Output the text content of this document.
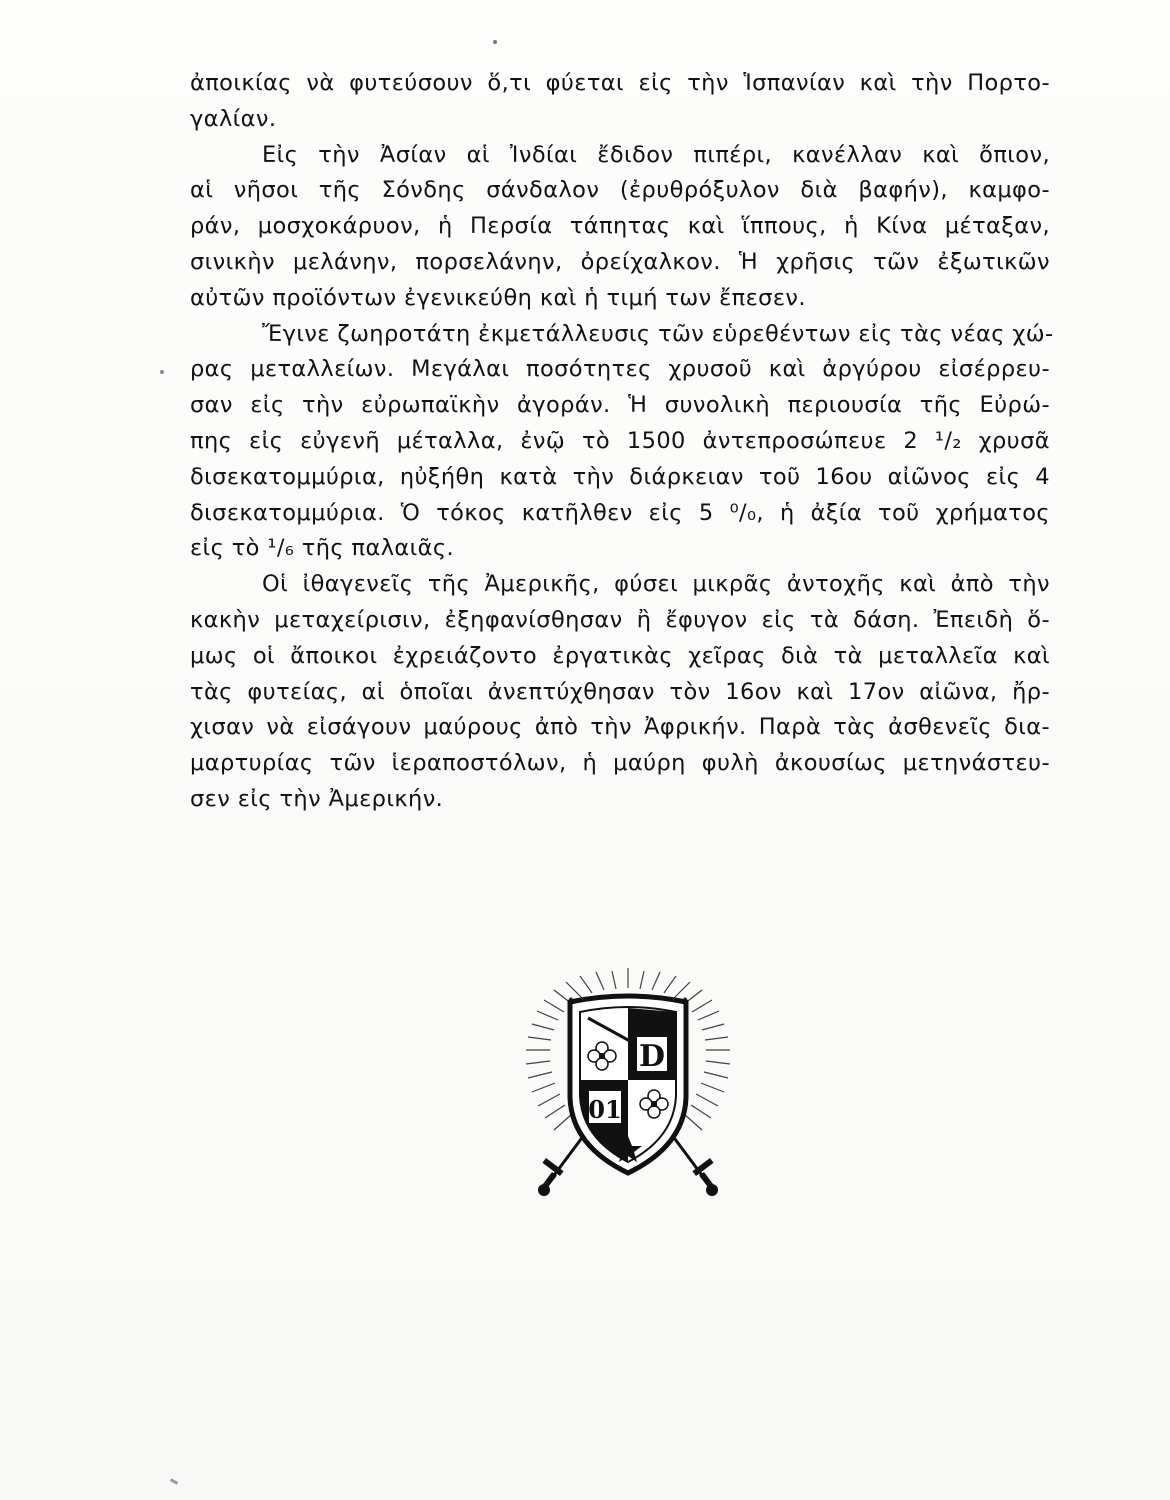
ἀποικίας νὰ φυτεύσουν ὅ,τι φύεται εἰς τὴν Ἱσπανίαν καὶ τὴν Πορτο-
γαλίαν.
Εἰς τὴν Ἀσίαν αἱ Ἰνδίαι ἔδιδον πιπέρι, κανέλλαν καὶ ὄπιον,
αἱ νῆσοι τῆς Σόνδης σάνδαλον (ἐρυθρόξυλον διὰ βαφήν), καμφο-
ράν, μοσχοκάρυον, ἡ Περσία τάπητας καὶ ἵππους, ἡ Κίνα μέταξαν,
σινικὴν μελάνην, πορσελάνην, ὀρείχαλκον. Ἡ χρῆσις τῶν ἐξωτικῶν
αὐτῶν προϊόντων ἐγενικεύθη καὶ ἡ τιμή των ἔπεσεν.
Ἔγινε ζωηροτάτη ἐκμετάλλευσις τῶν εὑρεθέντων εἰς τὰς νέας χώ-
ρας μεταλλείων. Μεγάλαι ποσότητες χρυσοῦ καὶ ἀργύρου εἰσέρρευ-
σαν εἰς τὴν εὐρωπαϊκὴν ἀγοράν. Ἡ συνολικὴ περιουσία τῆς Εὐρώ-
πης εἰς εὐγενῆ μέταλλα, ἐνῷ τὸ 1500 ἀντεπροσώπευε 2 ¹/₂ χρυσᾶ
δισεκατομμύρια, ηὐξήθη κατὰ τὴν διάρκειαν τοῦ 16ου αἰῶνος εἰς 4
δισεκατομμύρια. Ὁ τόκος κατῆλθεν εἰς 5 ⁰/₀, ἡ ἀξία τοῦ χρήματος
εἰς τὸ ¹/₆ τῆς παλαιᾶς.
Οἱ ἰθαγενεῖς τῆς Ἀμερικῆς, φύσει μικρᾶς ἀντοχῆς καὶ ἀπὸ τὴν
κακὴν μεταχείρισιν, ἐξηφανίσθησαν ἢ ἔφυγον εἰς τὰ δάση. Ἐπειδὴ ὅ-
μως οἱ ἄποικοι ἐχρειάζοντο ἐργατικὰς χεῖρας διὰ τὰ μεταλλεῖα καὶ
τὰς φυτείας, αἱ ὁποῖαι ἀνεπτύχθησαν τὸν 16ον καὶ 17ον αἰῶνα, ἤρ-
χισαν νὰ εἰσάγουν μαύρους ἀπὸ τὴν Ἀφρικήν. Παρὰ τὰς ἀσθενεῖς δια-
μαρτυρίας τῶν ἱεραποστόλων, ἡ μαύρη φυλὴ ἀκουσίως μετηνάστευ-
σεν εἰς τὴν Ἀμερικήν.
D
01
